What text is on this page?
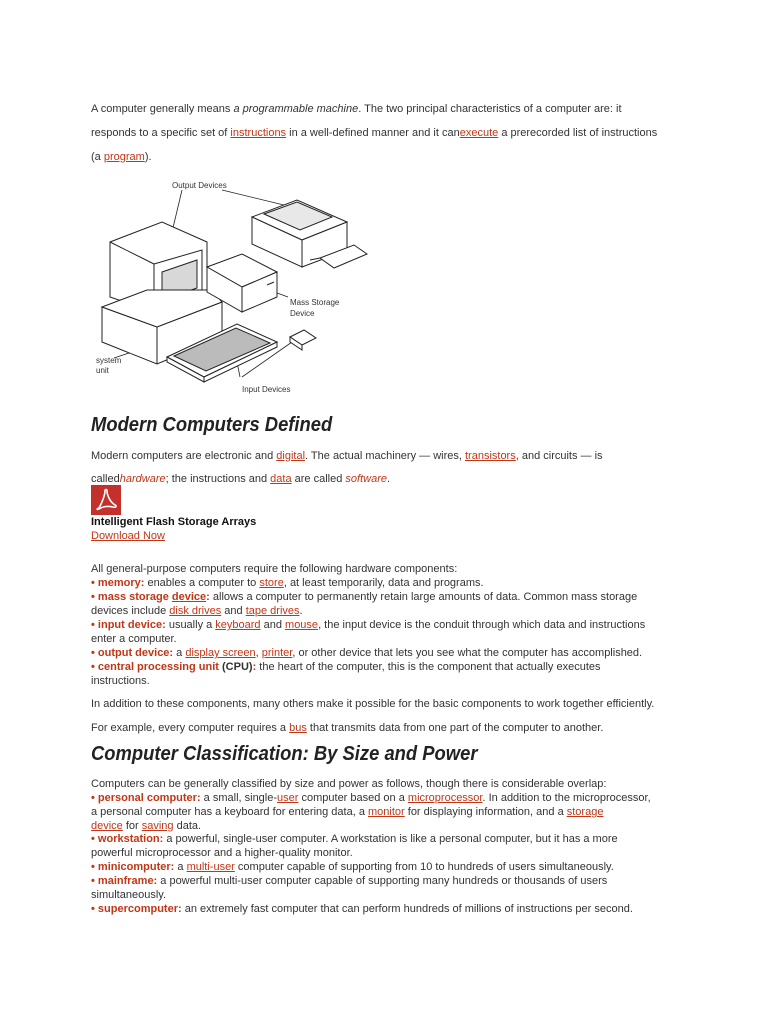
A computer generally means a programmable machine. The two principal characteristics of a computer are: it
responds to a specific set of instructions in a well-defined manner and it canexecute a prerecorded list of instructions
(a program).
Output Devices
Mass Storage
Device
system
unit
Input Devices
Modern Computers Defined
Modern computers are electronic and digital. The actual machinery — wires, transistors, and circuits — is
calledhardware; the instructions and data are called software.
Intelligent Flash Storage Arrays
Download Now
All general-purpose computers require the following hardware components:
• memory: enables a computer to store, at least temporarily, data and programs.
• mass storage device: allows a computer to permanently retain large amounts of data. Common mass storage
devices include disk drives and tape drives.
• input device: usually a keyboard and mouse, the input device is the conduit through which data and instructions
enter a computer.
• output device: a display screen, printer, or other device that lets you see what the computer has accomplished.
• central processing unit (CPU): the heart of the computer, this is the component that actually executes
instructions.
In addition to these components, many others make it possible for the basic components to work together efficiently.
For example, every computer requires a bus that transmits data from one part of the computer to another.
Computer Classification: By Size and Power
Computers can be generally classified by size and power as follows, though there is considerable overlap:
• personal computer: a small, single-user computer based on a microprocessor. In addition to the microprocessor,
a personal computer has a keyboard for entering data, a monitor for displaying information, and a storage
device for saving data.
• workstation: a powerful, single-user computer. A workstation is like a personal computer, but it has a more
powerful microprocessor and a higher-quality monitor.
• minicomputer: a multi-user computer capable of supporting from 10 to hundreds of users simultaneously.
• mainframe: a powerful multi-user computer capable of supporting many hundreds or thousands of users
simultaneously.
• supercomputer: an extremely fast computer that can perform hundreds of millions of instructions per second.
